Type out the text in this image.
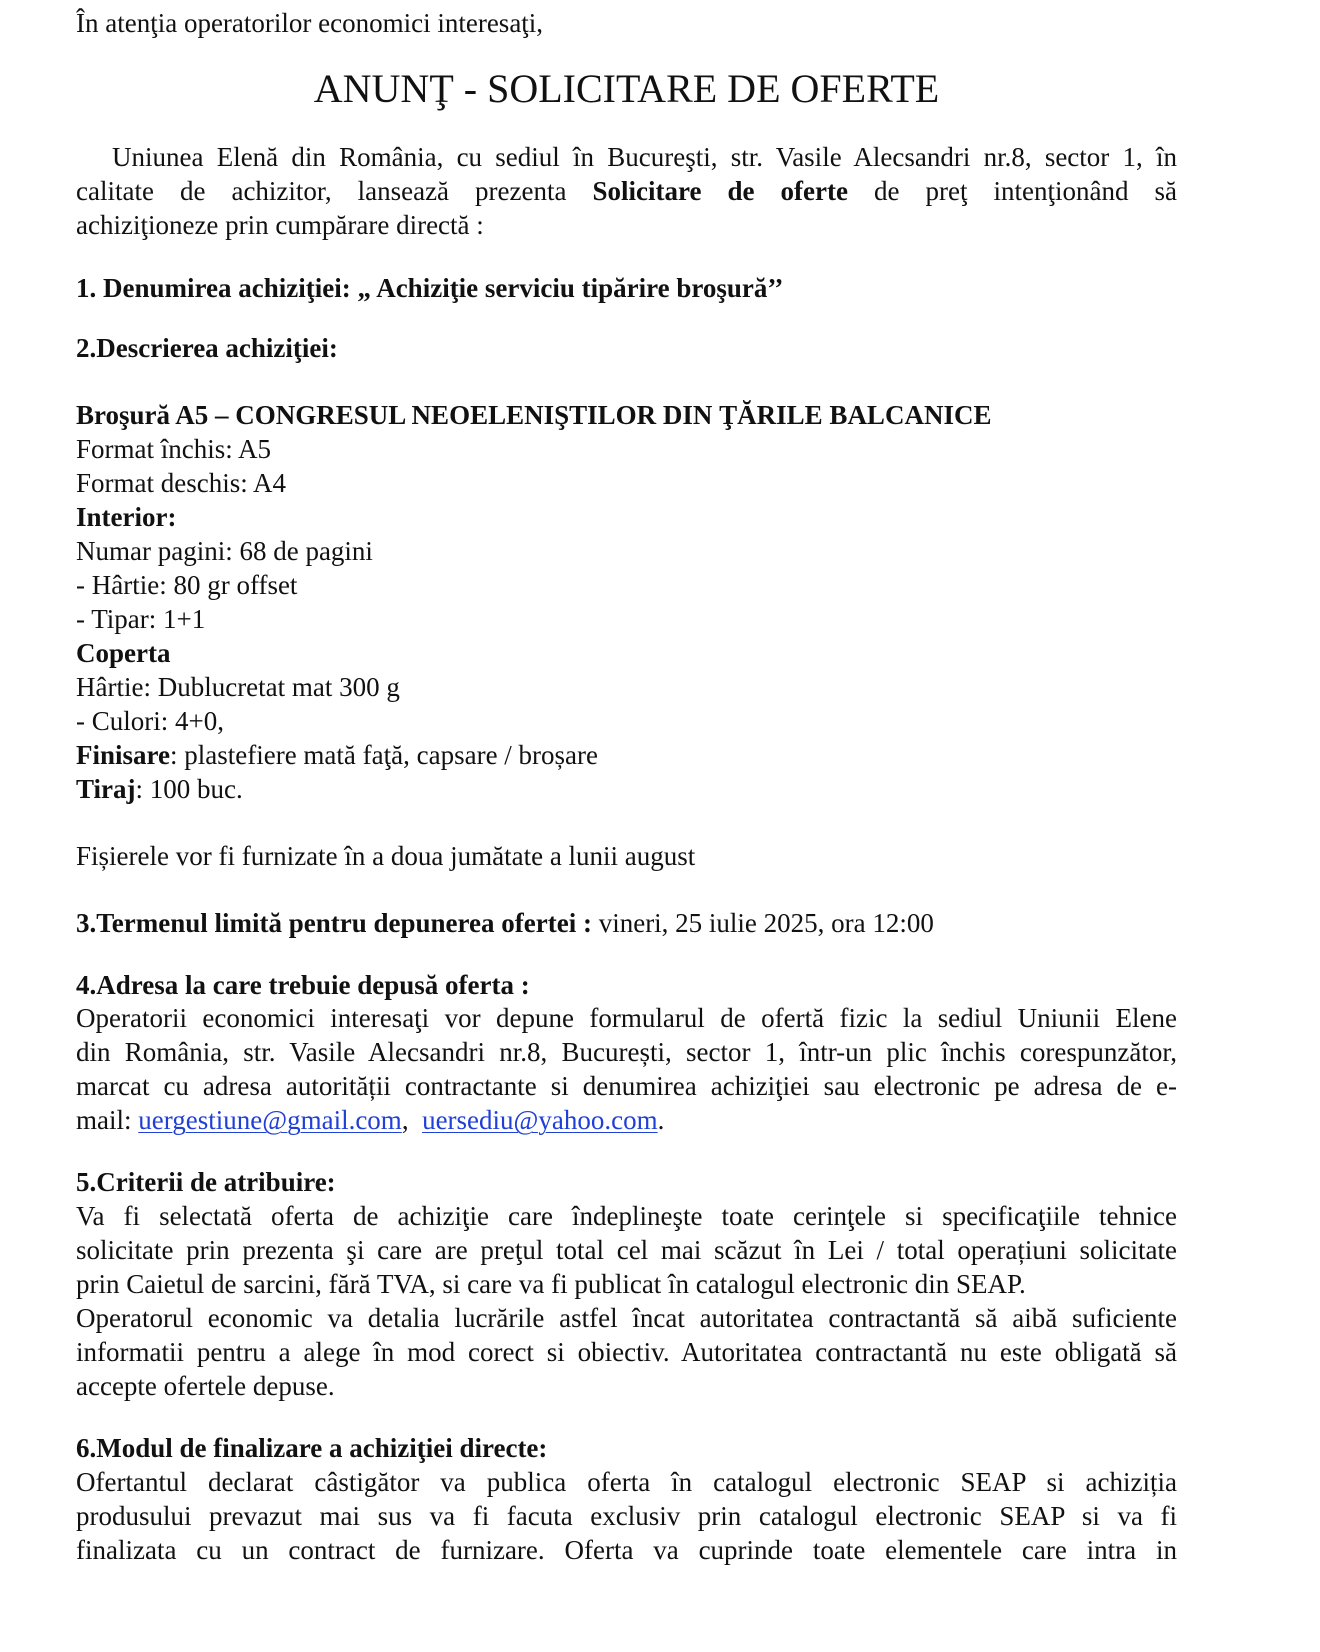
În atenţia operatorilor economici interesaţi,
ANUNŢ - SOLICITARE DE OFERTE
Uniunea Elenă din România, cu sediul în Bucureşti, str. Vasile Alecsandri nr.8, sector 1, în
calitate de achizitor, lansează prezenta Solicitare de oferte de preţ intenţionând să
achiziţioneze prin cumpărare directă :
1. Denumirea achiziţiei: „ Achiziţie serviciu tipărire broşură’’
2.Descrierea achiziţiei:
Broşură A5 – CONGRESUL NEOELENIŞTILOR DIN ŢĂRILE BALCANICE
Format închis: A5
Format deschis: A4
Interior:
Numar pagini: 68 de pagini
- Hârtie: 80 gr offset
- Tipar: 1+1
Coperta
Hârtie: Dublucretat mat 300 g
- Culori: 4+0,
Finisare: plastefiere mată faţă, capsare / broșare
Tiraj: 100 buc.
Fișierele vor fi furnizate în a doua jumătate a lunii august
3.Termenul limită pentru depunerea ofertei : vineri, 25 iulie 2025, ora 12:00
4.Adresa la care trebuie depusă oferta :
Operatorii economici interesaţi vor depune formularul de ofertă fizic la sediul Uniunii Elene
din România, str. Vasile Alecsandri nr.8, București, sector 1, într-un plic închis corespunzător,
marcat cu adresa autorității contractante si denumirea achiziţiei sau electronic pe adresa de e-
mail: uergestiune@gmail.com,  uersediu@yahoo.com.
5.Criterii de atribuire:
Va fi selectată oferta de achiziţie care îndeplineşte toate cerinţele si specificaţiile tehnice
solicitate prin prezenta şi care are preţul total cel mai scăzut în Lei / total operațiuni solicitate
prin Caietul de sarcini, fără TVA, si care va fi publicat în catalogul electronic din SEAP.
Operatorul economic va detalia lucrările astfel încat autoritatea contractantă să aibă suficiente
informatii pentru a alege în mod corect si obiectiv. Autoritatea contractantă nu este obligată să
accepte ofertele depuse.
6.Modul de finalizare a achiziţiei directe:
Ofertantul declarat câstigător va publica oferta în catalogul electronic SEAP si achiziția
produsului prevazut mai sus va fi facuta exclusiv prin catalogul electronic SEAP si va fi
finalizata cu un contract de furnizare. Oferta va cuprinde toate elementele care intra in
